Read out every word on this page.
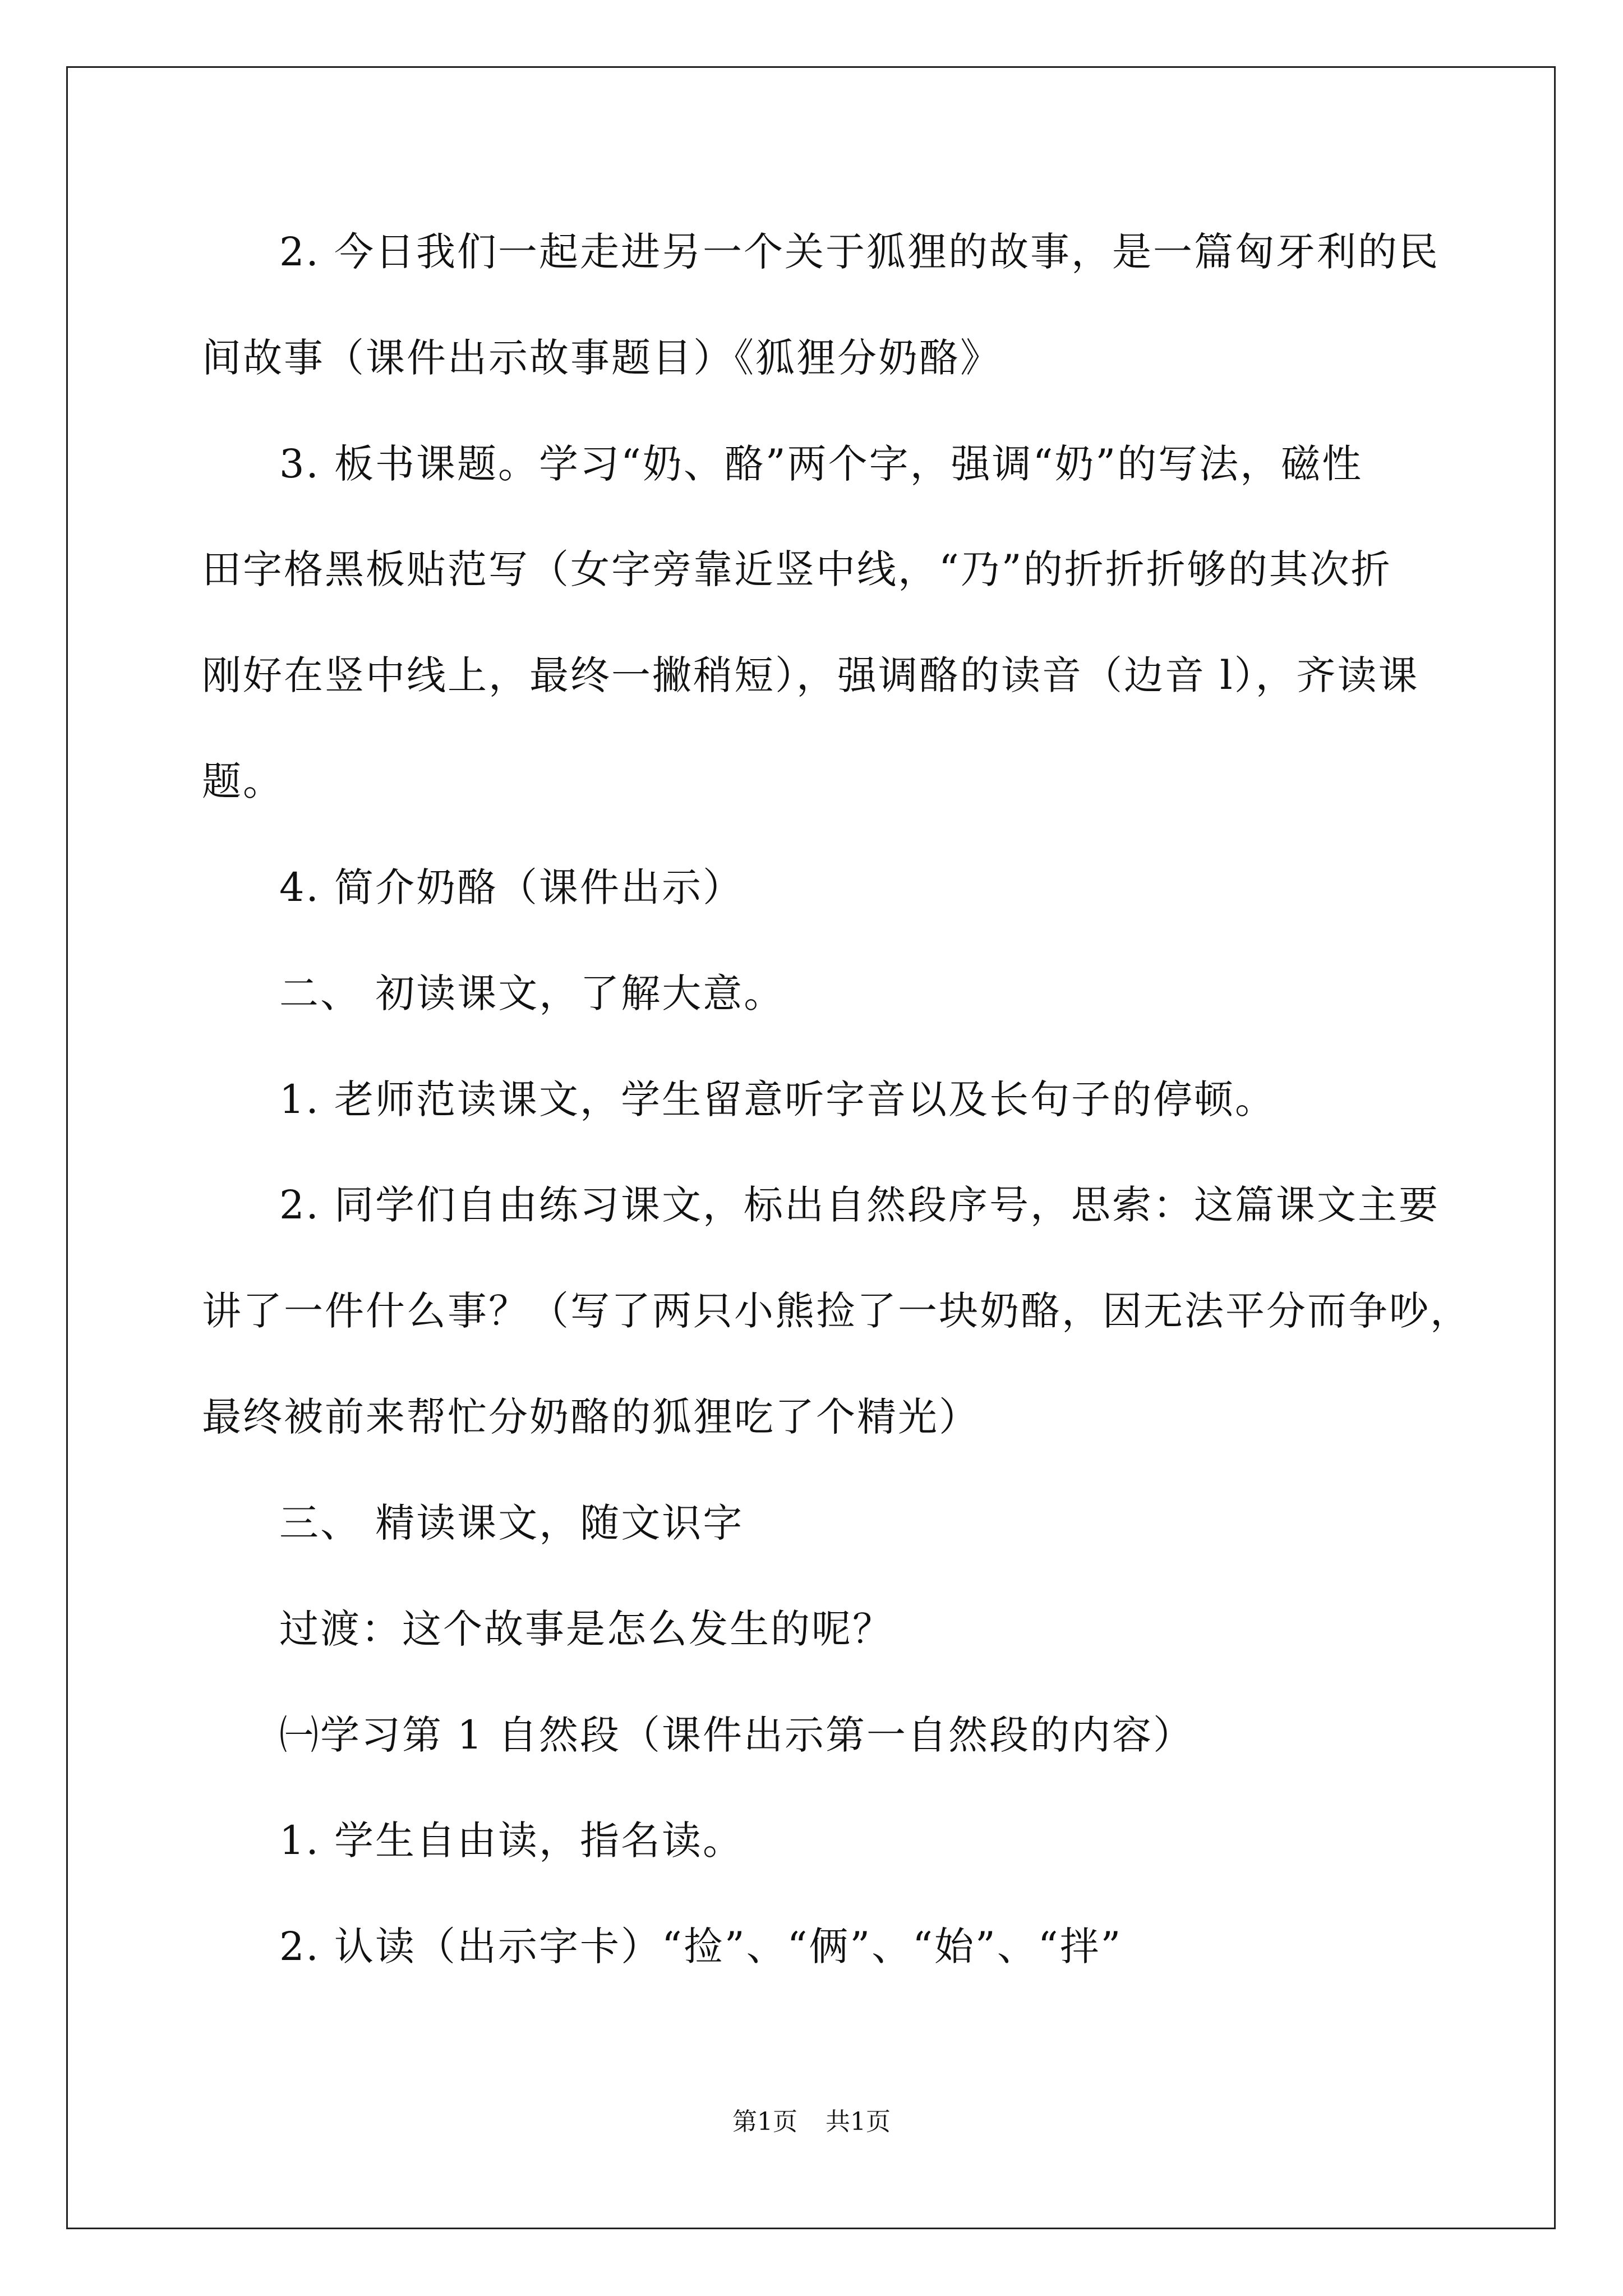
2. 今日我们一起走进另一个关于狐狸的故事，是一篇匈牙利的民
间故事（课件出示故事题目）《狐狸分奶酪》
3. 板书课题。学习“奶、酪”两个字，强调“奶”的写法，磁性
田字格黑板贴范写（女字旁靠近竖中线，“乃”的折折折够的其次折
刚好在竖中线上，最终一撇稍短），强调酪的读音（边音 l），齐读课
题。
4. 简介奶酪（课件出示）
二、 初读课文，了解大意。
1. 老师范读课文，学生留意听字音以及长句子的停顿。
2. 同学们自由练习课文，标出自然段序号，思索：这篇课文主要
讲了一件什么事？（写了两只小熊捡了一块奶酪，因无法平分而争吵，
最终被前来帮忙分奶酪的狐狸吃了个精光）
三、 精读课文，随文识字
过渡：这个故事是怎么发生的呢？
㈠学习第 1 自然段（课件出示第一自然段的内容）
1. 学生自由读，指名读。
2. 认读（出示字卡）“捡”、“俩”、“始”、“拌”
第1页 共1页
